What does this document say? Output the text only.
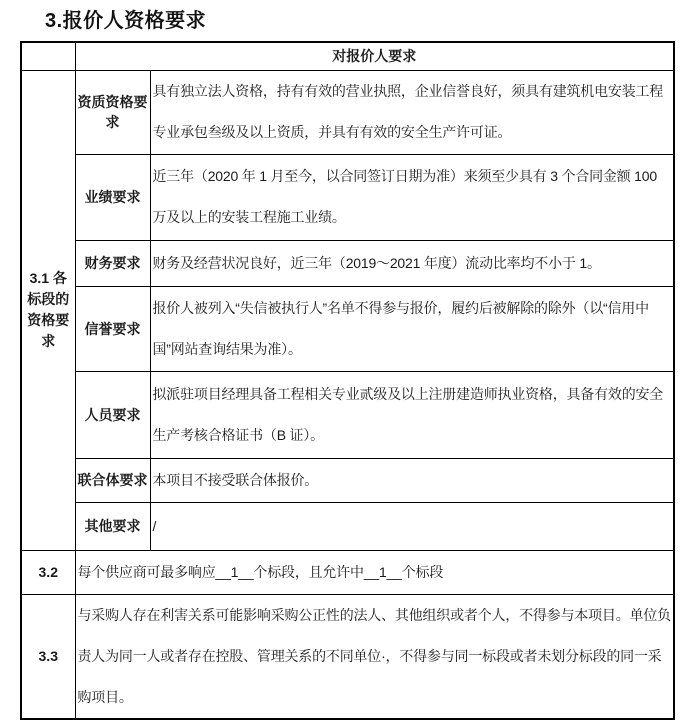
3.报价人资格要求
	对报价人要求	
3.1 各标段的资格要求	资质资格要求	具有独立法人资格，持有有效的营业执照，企业信誉良好，须具有建筑机电安装工程专业承包叁级及以上资质，并具有有效的安全生产许可证。
	业绩要求	近三年（2020 年 1 月至今，以合同签订日期为准）来须至少具有 3 个合同金额 100 万及以上的安装工程施工业绩。
	财务要求	财务及经营状况良好，近三年（2019～2021 年度）流动比率均不小于 1。
	信誉要求	报价人被列入“失信被执行人”名单不得参与报价，履约后被解除的除外（以“信用中国”网站查询结果为准）。
	人员要求	拟派驻项目经理具备工程相关专业贰级及以上注册建造师执业资格，具备有效的安全生产考核合格证书（B 证）。
	联合体要求	本项目不接受联合体报价。
	其他要求	/
3.2	每个供应商可最多响应__1__个标段，且允许中__1__个标段	
3.3	与采购人存在利害关系可能影响采购公正性的法人、其他组织或者个人，不得参与本项目。单位负责人为同一人或者存在控股、管理关系的不同单位·，不得参与同一标段或者未划分标段的同一采购项目。	
